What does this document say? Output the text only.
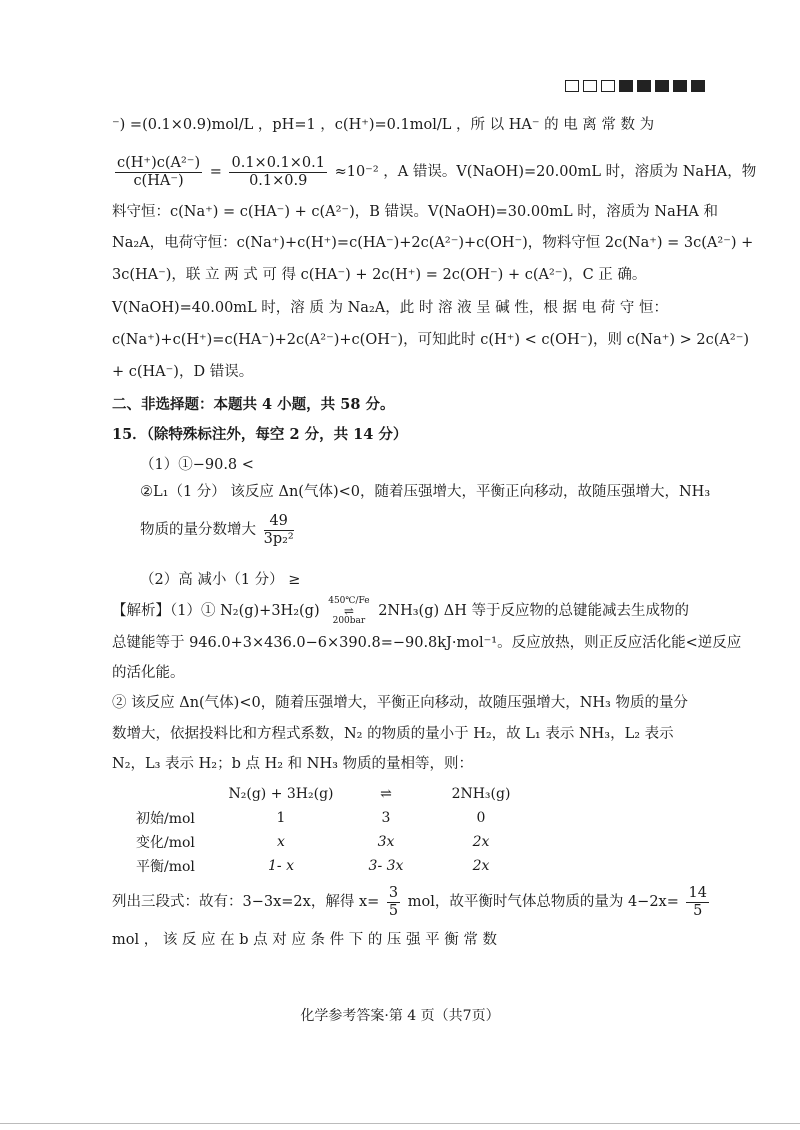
⁻) =(0.1×0.9)mol/L ，pH=1 ，c(H⁺)=0.1mol/L ，所 以 HA⁻ 的 电 离 常 数 为
$\frac{\text{c(H⁺)c(A²⁻)}}{c(HA^-)} = \frac{0.1\times 0.1\times 0.1}{0.1\times 0.9} \approx 10^{-2}$ ，A 错误。V(NaOH)=20.00mL 时，溶质为 NaHA，物
料守恒：c(Na⁺) = c(HA⁻) + c(A²⁻)，B 错误。V(NaOH)=30.00mL 时，溶质为 NaHA 和
Na₂A，电荷守恒：c(Na⁺)+c(H⁺)=c(HA⁻)+2c(A²⁻)+c(OH⁻)，物料守恒 2c(Na⁺) = 3c(A²⁻) +
3c(HA⁻)，联 立 两 式 可 得 c(HA⁻) + 2c(H⁺) = 2c(OH⁻) + c(A²⁻)，C 正 确。
V(NaOH)=40.00mL 时，溶 质 为 Na₂A，此 时 溶 液 呈 碱 性，根 据 电 荷 守 恒：
c(Na⁺)+c(H⁺)=c(HA⁻)+2c(A²⁻)+c(OH⁻)，可知此时 c(H⁺) < c(OH⁻)，则 c(Na⁺) > 2c(A²⁻)
+ c(HA⁻)，D 错误。
二、非选择题：本题共 4 小题，共 58 分。
15．（除特殊标注外，每空 2 分，共 14 分）
（1）①−90.8 <
②L₁（1 分） 该反应 Δn(气体)<0，随着压强增大，平衡正向移动，故随压强增大，NH₃
物质的量分数增大 $\frac{49}{\text{3p₂²}}$
（2）高 减小（1 分） ≥
【解析】（1）① N₂(g)+3H₂(g)
450℃/Fe
⇌
200bar
2NH₃(g) ΔH 等于反应物的总键能减去生成物的
总键能等于 946.0+3×436.0−6×390.8=−90.8kJ·mol⁻¹。反应放热，则正反应活化能<逆反应
的活化能。
② 该反应 Δn(气体)<0，随着压强增大，平衡正向移动，故随压强增大，NH₃ 物质的量分
数增大，依据投料比和方程式系数，N₂ 的物质的量小于 H₂，故 L₁ 表示 NH₃，L₂ 表示
N₂，L₃ 表示 H₂；b 点 H₂ 和 NH₃ 物质的量相等，则：
	N₂(g) + 3H₂(g)	⇌	2NH₃(g)
初始/mol	1	3	0
变化/mol	x	3x	2x
平衡/mol	1- x	3- 3x	2x
列出三段式：故有：3−3x=2x，解得 $x= \frac{3}{5}$ mol，故平衡时气体总物质的量为 $4-2x= \frac{14}{5}$
mol ， 该 反 应 在 b 点 对 应 条 件 下 的 压 强 平 衡 常 数
化学参考答案·第 4 页（共7页）
